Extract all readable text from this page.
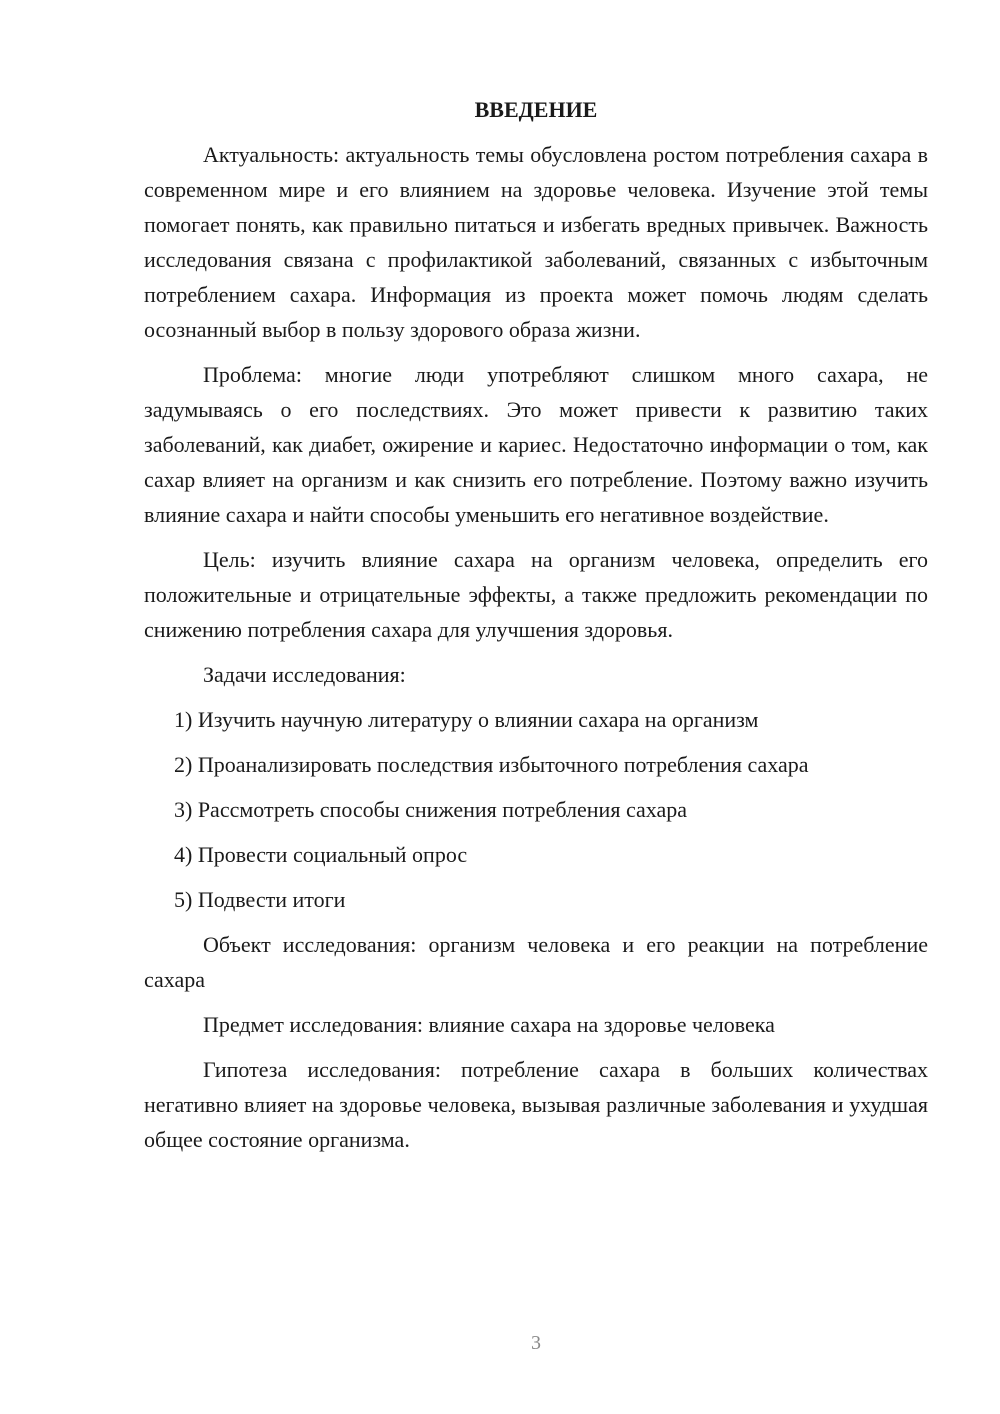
ВВЕДЕНИЕ

Актуальность: актуальность темы обусловлена ростом потребления сахара в современном мире и его влиянием на здоровье человека. Изучение этой темы помогает понять, как правильно питаться и избегать вредных привычек. Важность исследования связана с профилактикой заболеваний, связанных с избыточным потреблением сахара. Информация из проекта может помочь людям сделать осознанный выбор в пользу здорового образа жизни.

Проблема: многие люди употребляют слишком много сахара, не задумываясь о его последствиях. Это может привести к развитию таких заболеваний, как диабет, ожирение и кариес. Недостаточно информации о том, как сахар влияет на организм и как снизить его потребление. Поэтому важно изучить влияние сахара и найти способы уменьшить его негативное воздействие.

Цель: изучить влияние сахара на организм человека, определить его положительные и отрицательные эффекты, а также предложить рекомендации по снижению потребления сахара для улучшения здоровья.

Задачи исследования:

1) Изучить научную литературу о влиянии сахара на организм
2) Проанализировать последствия избыточного потребления сахара
3) Рассмотреть способы снижения потребления сахара
4) Провести социальный опрос
5) Подвести итоги

Объект исследования: организм человека и его реакции на потребление сахара

Предмет исследования: влияние сахара на здоровье человека

Гипотеза исследования: потребление сахара в больших количествах негативно влияет на здоровье человека, вызывая различные заболевания и ухудшая общее состояние организма.

3
